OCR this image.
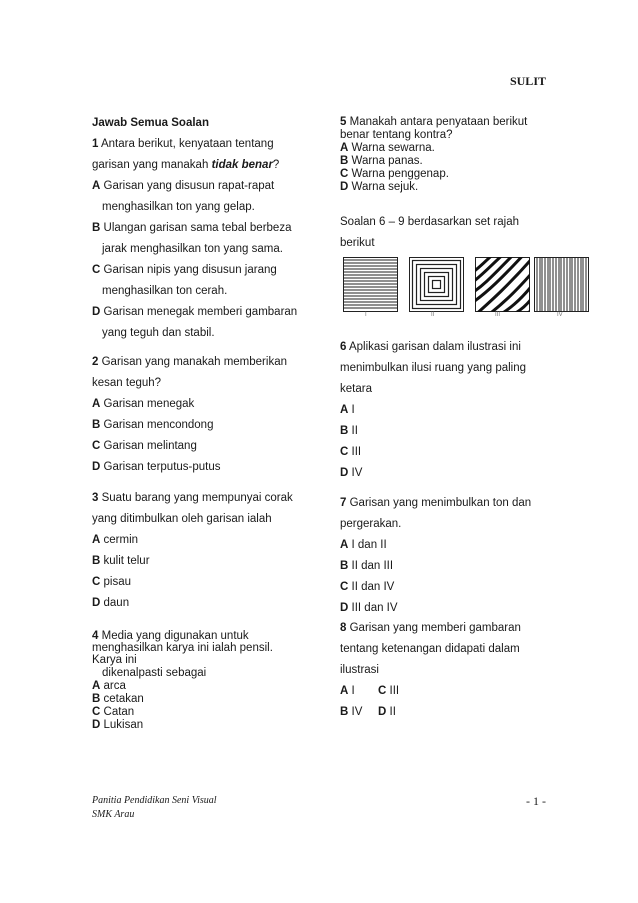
SULIT
Jawab Semua Soalan
1 Antara berikut, kenyataan tentang
garisan yang manakah tidak benar?
A Garisan yang disusun rapat-rapat
menghasilkan ton yang gelap.
B Ulangan garisan sama tebal berbeza
jarak menghasilkan ton yang sama.
C Garisan nipis yang disusun jarang
menghasilkan ton cerah.
D Garisan menegak memberi gambaran
yang teguh dan stabil.
2 Garisan yang manakah memberikan
kesan teguh?
A Garisan menegak
B Garisan mencondong
C Garisan melintang
D Garisan terputus-putus
3 Suatu barang yang mempunyai corak
yang ditimbulkan oleh garisan ialah
A cermin
B kulit telur
C pisau
D daun
4 Media yang digunakan untuk
menghasilkan karya ini ialah pensil.
Karya ini
dikenalpasti sebagai
A arca
B cetakan
C Catan
D Lukisan
5 Manakah antara penyataan berikut
benar tentang kontra?
A Warna sewarna.
B Warna panas.
C Warna penggenap.
D Warna sejuk.
Soalan 6 – 9 berdasarkan set rajah
berikut
6 Aplikasi garisan dalam ilustrasi ini
menimbulkan ilusi ruang yang paling
ketara
A I
B II
C III
D IV
7 Garisan yang menimbulkan ton dan
pergerakan.
A I dan II
B II dan III
C II dan IV
D III dan IV
8 Garisan yang memberi gambaran
tentang ketenangan didapati dalam
ilustrasi
A I C III
B IV D II
I	II	III	IV
Panitia Pendidikan Seni Visual
SMK Arau
- 1 -
